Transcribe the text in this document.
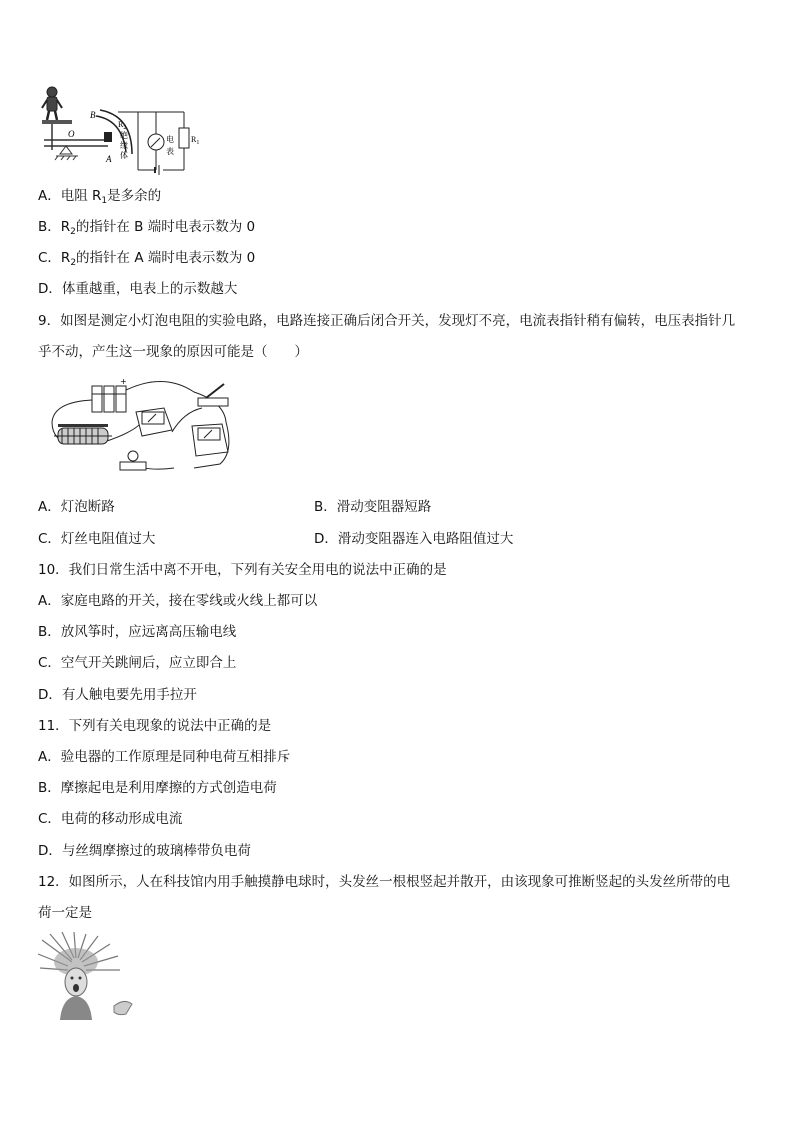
B
O
A
$R_2$
绝
缘
体
电
表
$R_1$
A．电阻 $R_1$是多余的
B．$R_2$的指针在 B 端时电表示数为 0
C．$R_2$的指针在 A 端时电表示数为 0
D．体重越重，电表上的示数越大
9．如图是测定小灯泡电阻的实验电路，电路连接正确后闭合开关，发现灯不亮，电流表指针稍有偏转，电压表指针几
乎不动，产生这一现象的原因可能是（　　）
+
A．灯泡断路	B．滑动变阻器短路
C．灯丝电阻值过大	D．滑动变阻器连入电路阻值过大
10．我们日常生活中离不开电，下列有关安全用电的说法中正确的是
A．家庭电路的开关，接在零线或火线上都可以
B．放风筝时，应远离高压输电线
C．空气开关跳闸后，应立即合上
D．有人触电要先用手拉开
11．下列有关电现象的说法中正确的是
A．验电器的工作原理是同种电荷互相排斥
B．摩擦起电是利用摩擦的方式创造电荷
C．电荷的移动形成电流
D．与丝绸摩擦过的玻璃棒带负电荷
12．如图所示，人在科技馆内用手触摸静电球时，头发丝一根根竖起并散开，由该现象可推断竖起的头发丝所带的电
荷一定是
